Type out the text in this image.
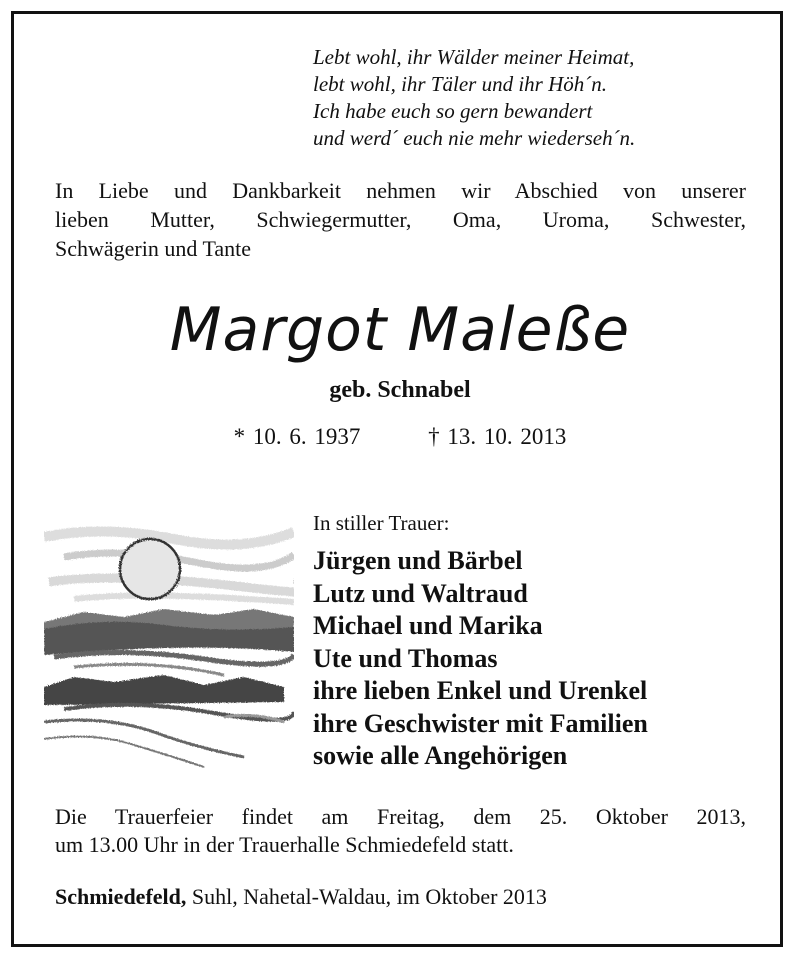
Lebt wohl, ihr Wälder meiner Heimat,
lebt wohl, ihr Täler und ihr Höh´n.
Ich habe euch so gern bewandert
und werd´ euch nie mehr wiederseh´n.
In Liebe und Dankbarkeit nehmen wir Abschied von unserer
lieben Mutter, Schwiegermutter, Oma, Uroma, Schwester,
Schwägerin und Tante
Margot Maleße
geb. Schnabel
* 10. 6. 1937	† 13. 10. 2013
In stiller Trauer:
Jürgen und Bärbel
Lutz und Waltraud
Michael und Marika
Ute und Thomas
ihre lieben Enkel und Urenkel
ihre Geschwister mit Familien
sowie alle Angehörigen
Die Trauerfeier findet am Freitag, dem 25. Oktober 2013,
um 13.00 Uhr in der Trauerhalle Schmiedefeld statt.
Schmiedefeld, Suhl, Nahetal-Waldau, im Oktober 2013
